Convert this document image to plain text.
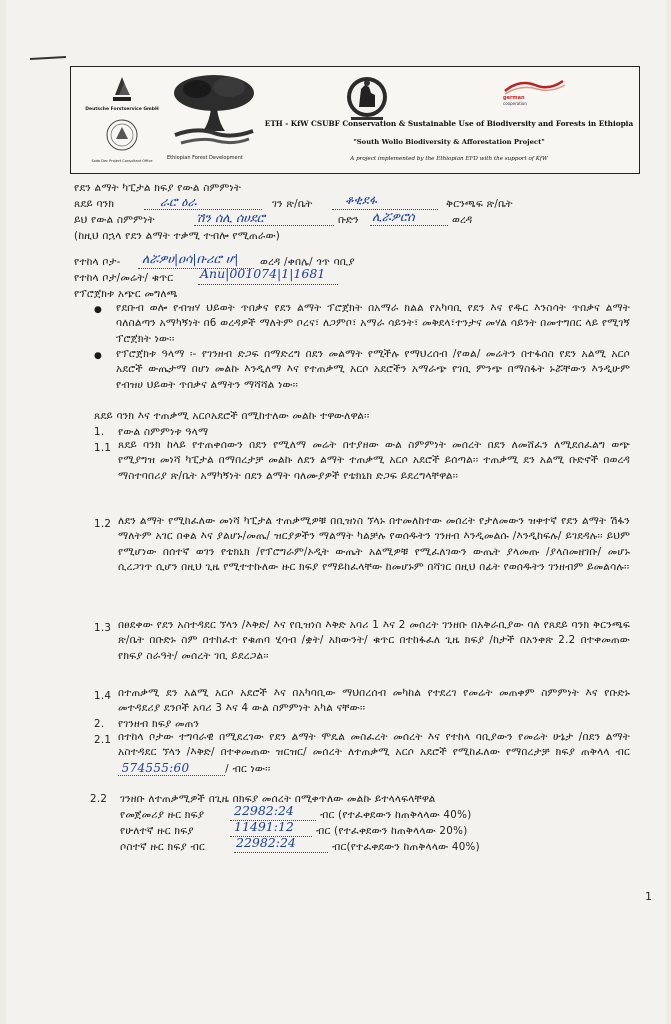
Deutsche Forstservice GmbH
Sodo Dec Project Consultant Office	Ethiopian Forest Development
german
cooperation
ETH - KfW CSUBF Conservation & Sustainable Use of Biodiversity and Forests in Ethiopia
"South Wollo Biodiversity & Afforestation Project"
A project implemented by the Ethiopian EFD with the support of KfW
የደን ልማት ካፒታል ክፍያ የውል ስምምነት
ጸደይ ባንክ	ራሮ ዕራ	ገን ጽ/ቤት	ቆቂደፋ	ቅርንጫፍ ጽ/ቤት
ይህ የውል ስምምነት	ሽን ሰሊ ሰሀደሮ	ቡድን ሊሯዎሮሰ	ወረዳ
(ከዚህ በኋላ የደን ልማት ተቃሚ ተብሎ የሚጠራው)
የተከላ ቦታ- ለሯዎሀ|ዐሳ|ቡሪሮ ሆ| ወረዳ /ቀበሌ/ ጎጥ ባቢያ
የተከላ ቦታ/መሬት/ ቁጥር Anu|001074|1|1681
የፕሮጀክቱ አጭር መግለጫ
● የደቡብ ወሎ የብዝሃ ህይወት ጥበቃና የደን ልማት ፕሮጀክት በአማራ ክልል የአካባቢ የደን እና የዱር እንስሳት ጥበቃና ልማት ባለስልጣን አማካኝነት በ6 ወረዳዎች ማለትም ቦረና፣ ለጋምቦ፣ አማራ ሳይንት፣ መቅደላ፣ተንታና መሃል ሳይንት በመተግበር ላይ የሚገኝ ፕሮጀክት ነው፡፡
● የፕሮጀክቱ ዓላማ ፡- የገንዘብ ድጋፍ በማድረግ በደን መልማት የሚችሉ የማህረሰብ /የወል/ መሬትን በተፋሰስ የደን አልሚ አርሶ አደሮች ውጤታማ በሆነ መልኩ እንዲለማ እና የተጠቃሚ አርሶ አደሮችን አማራጭ የገቢ ምንጭ በማስፋት ኑሯቸውን እንዲሁም የብዝሀ ህይወት ጥበቃና ልማትን ማሻሻል ነው፡፡
ጸደይ ባንክ እና ተጠቃሚ አርሶአደሮች በሚከተለው መልኩ ተዋውለዋል፡፡
1. የውል ስምምነቱ ዓላማ
1.1 ጸደይ ባንክ ከላይ የተጠቀሰውን በደን የሚለማ መሬት በተያዘው ውል ስምምነት መሰረት በደን ለመሸፈን ለሚደሰፈልግ ወጭ የሚያግዝ መነሻ ካፒታል በማበረታቻ መልኩ ለደን ልማት ተጠቃሚ አርሶ አደሮች ይሰጣል፡፡ ተጠቃሚ ደን አልሚ ቡድኖች በወረዳ ማስተባበሪያ ጽ/ቤት አማካኝነት በደን ልማት ባለሙያዎች የቴክኒክ ድጋፍ ይደረግላቸዋል፡፡
1.2 ለደን ልማት የሚከፈለው መነሻ ካፒታል ተጠቃሚዎቹ በቢዝነስ ኘላኑ በተመለከተው መሰረት የታለመውን ዝቀተኛ የደን ልማት ሽፋን ማለትም አገር በቀል እና ያልሆኑ/መጤ/ ዝርያዎችን ማልማት ካልቻሉ የወሰዱትን ገንዘብ እንዲመልሱ /እንዲከፍሉ/ ይገደዳሉ፡፡ ይህም የሚሆነው በሰተኛ ወገን የቴክኒክ /የፕሮግራም/ኦዲት ውጤት አልሚዎቹ የሚፈለገውን ውጤት ያላመጡ /ያላስመዘገቡ/ መሆኑ ሲረጋገጥ ሲሆን በዚህ ጊዜ የሚተተኩለው ዙር ክፍያ የማይከፈላቸው ከመሆኑም በሻገር በዚህ በፊት የወሰዱትን ገንዘብም ይመልሳሉ፡፡
1.3 በፀደቀው የደን አስተዳደር ኘላን /እቅድ/ እና የቢዝነስ እቅድ አባሪ 1 እና 2 መሰረት ገንዘቡ በአቅራቢያው ባለ የጸደይ ባንክ ቅርንጫፍ ጽ/ቤት በቡድኑ ስም በተከፈተ የቁጠባ ሂሳብ /ቋት/ አክውንት/ ቁጥር በተከፋፈለ ጊዜ ክፍያ /ከታች በአንቀጽ 2.2 በተቀመጠው የክፍያ ስራዓት/ መሰረት ገቢ ይደረጋል፡፡
1.4 በተጠቃሚ ደን አልሚ አርሶ አደሮች እና በአካባቢው ማህበረሰብ መካከል የተደረገ የመሬት መጠቀም ስምምነት እና የቡድኑ መተዳደሪያ ደንቦች አባሪ 3 እና 4 ውል ስምምነት አካል ናቸው፡፡
2. የገንዘብ ክፍያ መጠን
2.1 በተከላ ቦታው ተግባራዊ በሚደረገው የደን ልማት ሞዴል መስፈረት መሰረት እና የተከላ ባቢያውን የመሬት ሁኔታ /በደን ልማት አስተዳደር ኘላን /እቅድ/ በተቀመጠው ዝርዝር/ መሰረት ለተጠቃሚ አርሶ አደሮች የሚከፈለው የማበረታቻ ክፍያ ጠቅላላ ብር  574555:60	/ ብር ነው፡፡
2.2 ገንዘቡ ለተጠቃሚዎች በጊዜ በክፍያ መሰረት በሚቀጥለው መልኩ ይተላላፍላቸዋል
የመጀመሪያ ዙር ክፍያ 22982:24	ብር (የተፈቀደውን ከጠቅላላው 40%)
የሁለተኛ ዙር ክፍያ	11491:12 ብር (የተፈቀደውን ከጠቅላላው 20%)
ሶስተኛ ዙር ክፍያ ብር 22982:24	ብር(የተፈቀደውን ከጠቅላላው 40%)
1
